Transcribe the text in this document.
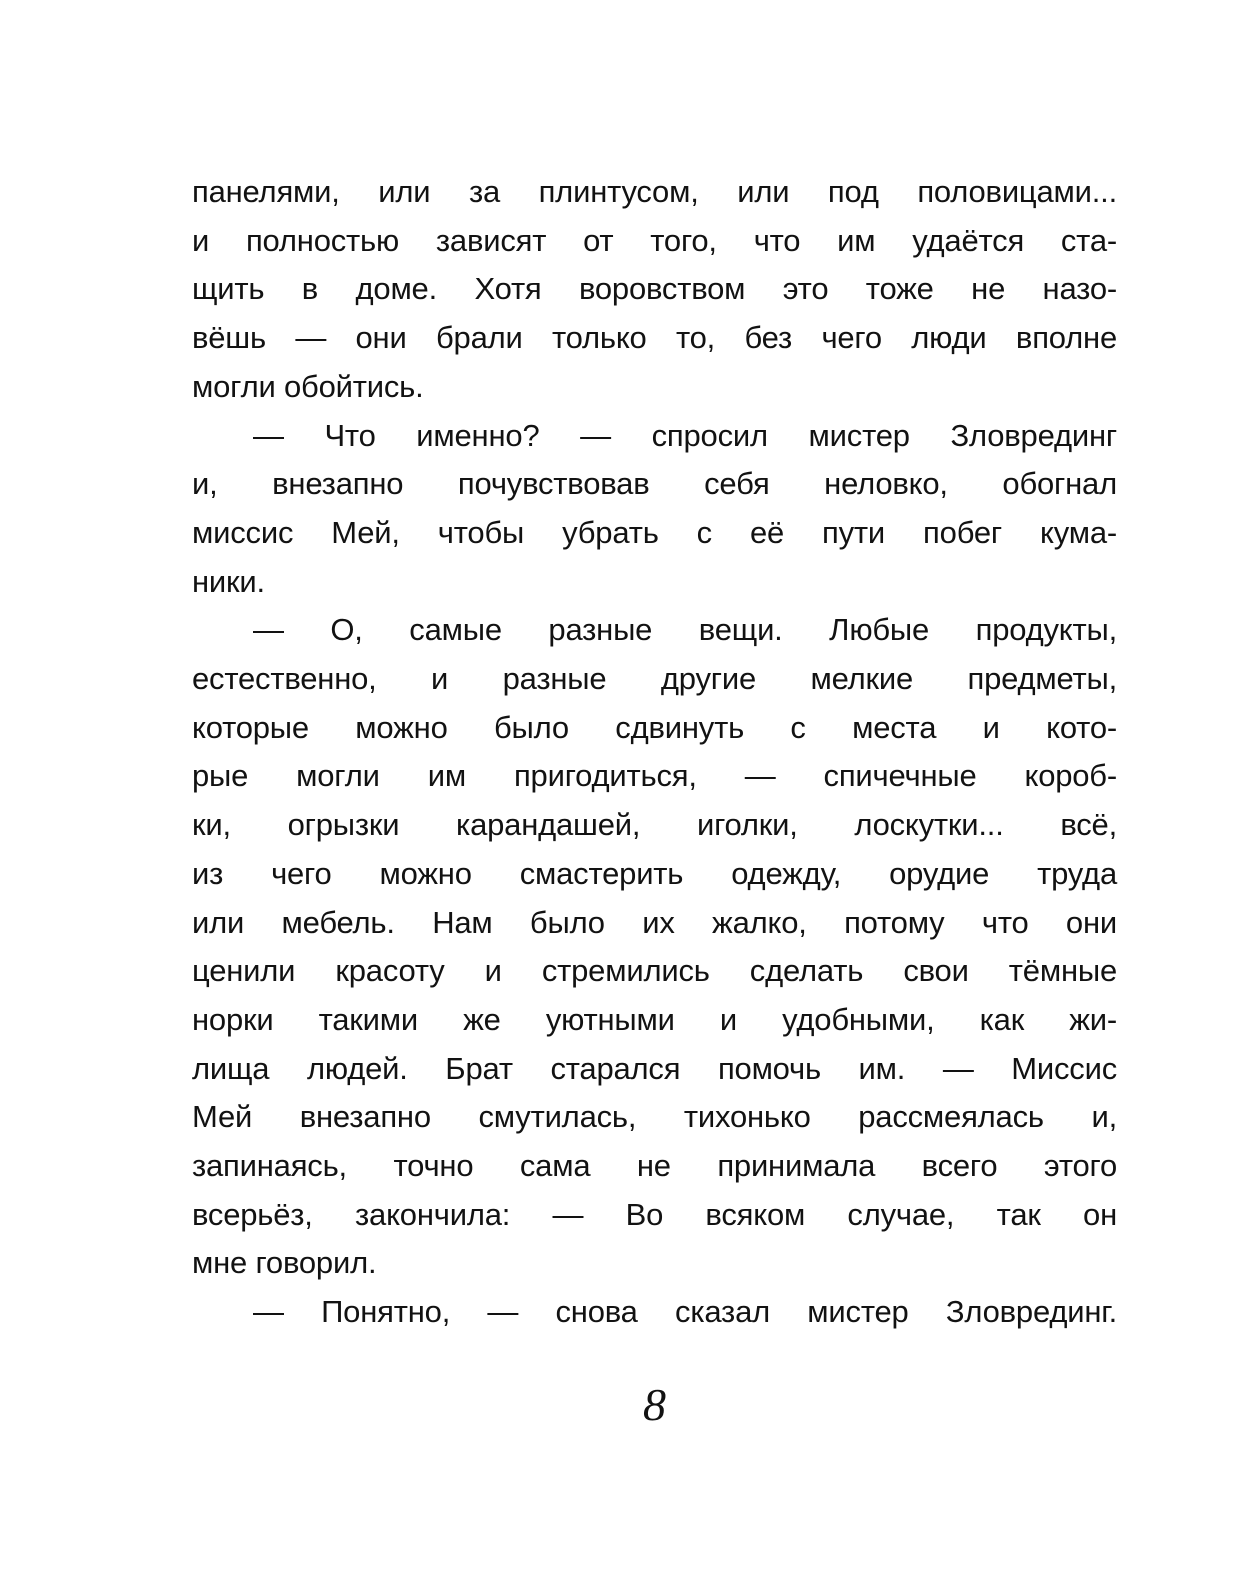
панелями, или за плинтусом, или под половицами...
и полностью зависят от того, что им удаётся ста-
щить в доме. Хотя воровством это тоже не назо-
вёшь — они брали только то, без чего люди вполне
могли обойтись.
— Что именно? — спросил мистер Зловрединг
и, внезапно почувствовав себя неловко, обогнал
миссис Мей, чтобы убрать с её пути побег кума-
ники.
— О, самые разные вещи. Любые продукты,
естественно, и разные другие мелкие предметы,
которые можно было сдвинуть с места и кото-
рые могли им пригодиться, — спичечные короб-
ки, огрызки карандашей, иголки, лоскутки... всё,
из чего можно смастерить одежду, орудие труда
или мебель. Нам было их жалко, потому что они
ценили красоту и стремились сделать свои тёмные
норки такими же уютными и удобными, как жи-
лища людей. Брат старался помочь им. — Миссис
Мей внезапно смутилась, тихонько рассмеялась и,
запинаясь, точно сама не принимала всего этого
всерьёз, закончила: — Во всяком случае, так он
мне говорил.
— Понятно, — снова сказал мистер Зловрединг.
8
